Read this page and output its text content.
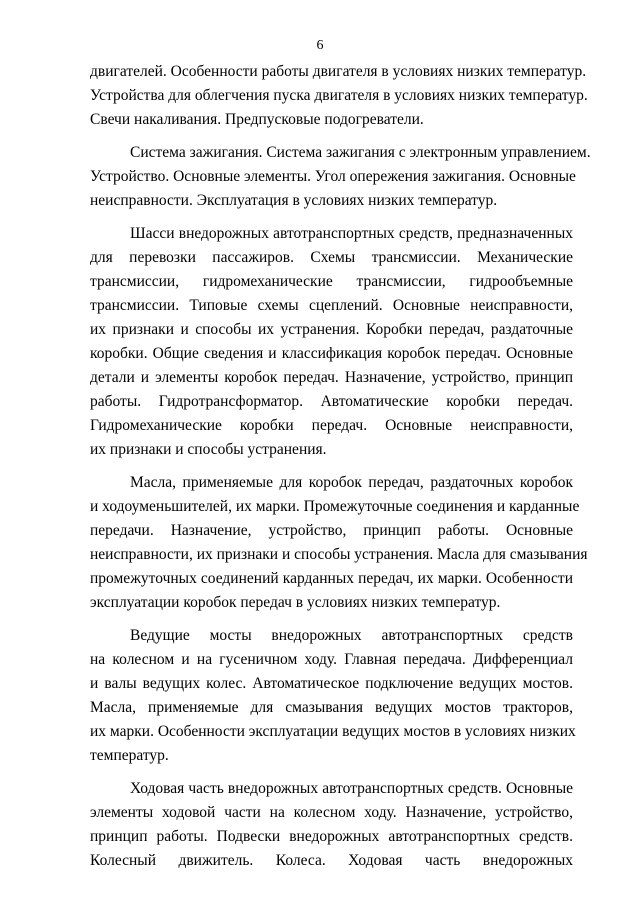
6
двигателей. Особенности работы двигателя в условиях низких температур.
Устройства для облегчения пуска двигателя в условиях низких температур.
Свечи накаливания. Предпусковые подогреватели.
Система зажигания. Система зажигания с электронным управлением.
Устройство. Основные элементы. Угол опережения зажигания. Основные
неисправности. Эксплуатация в условиях низких температур.
Шасси внедорожных автотранспортных средств, предназначенных
для перевозки пассажиров. Схемы трансмиссии. Механические
трансмиссии, гидромеханические трансмиссии, гидрообъемные
трансмиссии. Типовые схемы сцеплений. Основные неисправности,
их признаки и способы их устранения. Коробки передач, раздаточные
коробки. Общие сведения и классификация коробок передач. Основные
детали и элементы коробок передач. Назначение, устройство, принцип
работы. Гидротрансформатор. Автоматические коробки передач.
Гидромеханические коробки передач. Основные неисправности,
их признаки и способы устранения.
Масла, применяемые для коробок передач, раздаточных коробок
и ходоуменьшителей, их марки. Промежуточные соединения и карданные
передачи. Назначение, устройство, принцип работы. Основные
неисправности, их признаки и способы устранения. Масла для смазывания
промежуточных соединений карданных передач, их марки. Особенности
эксплуатации коробок передач в условиях низких температур.
Ведущие мосты внедорожных автотранспортных средств
на колесном и на гусеничном ходу. Главная передача. Дифференциал
и валы ведущих колес. Автоматическое подключение ведущих мостов.
Масла, применяемые для смазывания ведущих мостов тракторов,
их марки. Особенности эксплуатации ведущих мостов в условиях низких
температур.
Ходовая часть внедорожных автотранспортных средств. Основные
элементы ходовой части на колесном ходу. Назначение, устройство,
принцип работы. Подвески внедорожных автотранспортных средств.
Колесный движитель. Колеса. Ходовая часть внедорожных
